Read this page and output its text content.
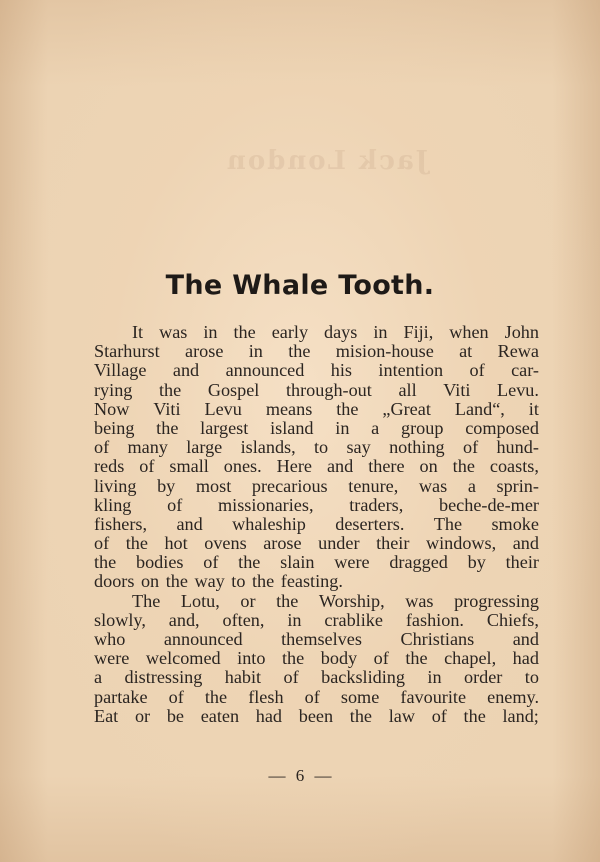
Jack London
The Whale Tooth.
It was in the early days in Fiji, when John
Starhurst arose in the mision-house at Rewa
Village and announced his intention of car-
rying the Gospel through-out all Viti Levu.
Now Viti Levu means the „Great Land“, it
being the largest island in a group composed
of many large islands, to say nothing of hund-
reds of small ones. Here and there on the coasts,
living by most precarious tenure, was a sprin-
kling of missionaries, traders, beche-de-mer
fishers, and whaleship deserters. The smoke
of the hot ovens arose under their windows, and
the bodies of the slain were dragged by their
doors on the way to the feasting.
The Lotu, or the Worship, was progressing
slowly, and, often, in crablike fashion. Chiefs,
who announced themselves Christians and
were welcomed into the body of the chapel, had
a distressing habit of backsliding in order to
partake of the flesh of some favourite enemy.
Eat or be eaten had been the law of the land;
— 6 —
